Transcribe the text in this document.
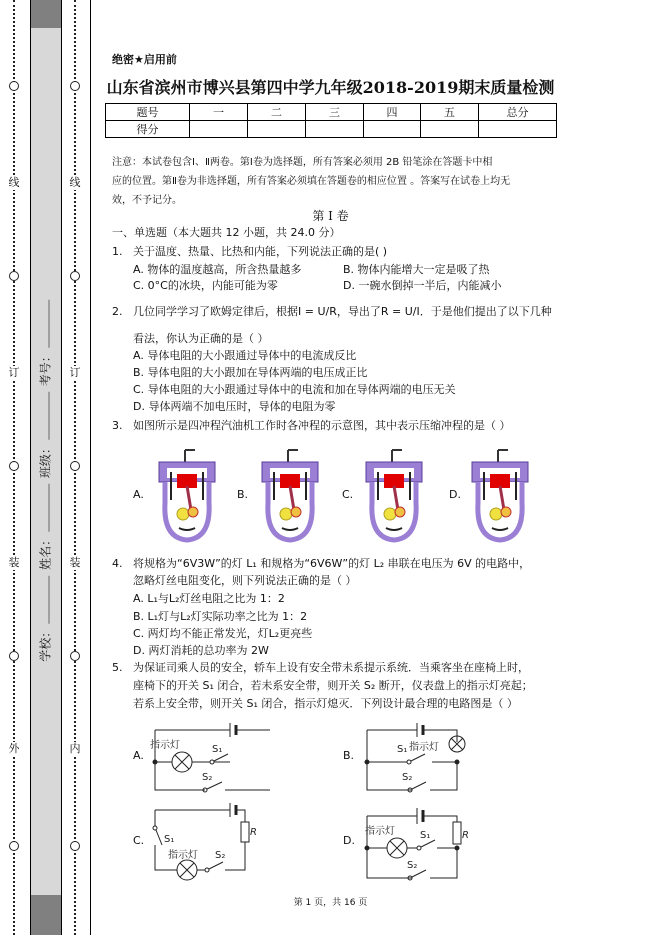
学校： 姓名： 班级： 考号：
线
订
装
外
线
订
装
内
绝密★启用前
山东省滨州市博兴县第四中学九年级2018-2019期末质量检测
题号	一	二	三	四	五	总分
得分						
注意：本试卷包含Ⅰ、Ⅱ两卷。第Ⅰ卷为选择题，所有答案必须用 2B 铅笔涂在答题卡中相
应的位置。第Ⅱ卷为非选择题，所有答案必须填在答题卷的相应位置 。答案写在试卷上均无
效，不予记分。
第 I 卷
一、单选题（本大题共 12 小题，共 24.0 分）
1. 关于温度、热量、比热和内能，下列说法正确的是( )
A. 物体的温度越高，所含热量越多	B. 物体内能增大一定是吸了热
C. 0°C的冰块，内能可能为零	D. 一碗水倒掉一半后，内能减小
2. 几位同学学习了欧姆定律后，根据I = U/R，导出了R = U/I．于是他们提出了以下几种
看法，你认为正确的是（ ）
A. 导体电阻的大小跟通过导体中的电流成反比
B. 导体电阻的大小跟加在导体两端的电压成正比
C. 导体电阻的大小跟通过导体中的电流和加在导体两端的电压无关
D. 导体两端不加电压时，导体的电阻为零
3. 如图所示是四冲程汽油机工作时各冲程的示意图，其中表示压缩冲程的是（ ）
A.	B.	C.	D.
4. 将规格为“6V3W”的灯 L₁ 和规格为“6V6W”的灯 L₂ 串联在电压为 6V 的电路中，
忽略灯丝电阻变化，则下列说法正确的是（ ）
A. L₁与L₂灯丝电阻之比为 1：2
B. L₁灯与L₂灯实际功率之比为 1：2
C. 两灯均不能正常发光，灯L₂更亮些
D. 两灯消耗的总功率为 2W
5. 为保证司乘人员的安全，轿车上设有安全带未系提示系统．当乘客坐在座椅上时，
座椅下的开关 S₁ 闭合，若未系安全带，则开关 S₂ 断开，仪表盘上的指示灯亮起；
若系上安全带，则开关 S₁ 闭合，指示灯熄灭．下列设计最合理的电路图是（ ）
A.	B.
C.	D.
指示灯	S₁
S₂
S₁ 指示灯
S₂
R
S₁
指示灯 S₂
R
指示灯	S₁
S₂
第 1 页，共 16 页
